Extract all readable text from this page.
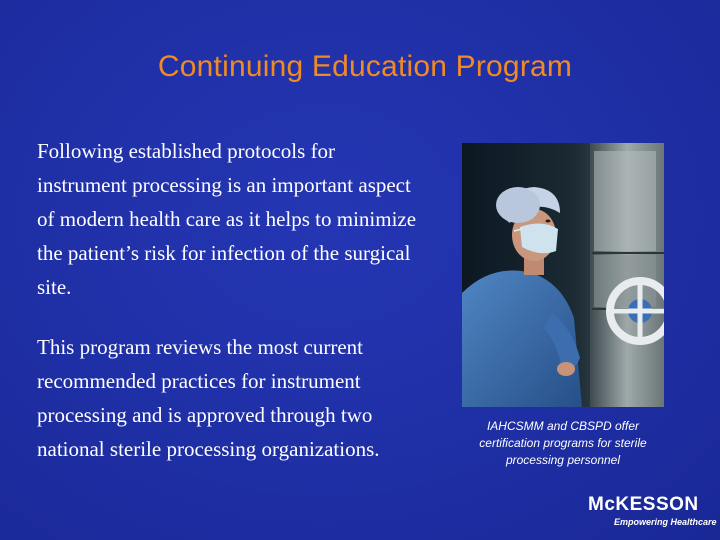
Continuing Education Program
Following established protocols for instrument processing is an important aspect of modern health care as it helps to minimize the patient’s risk for infection of the surgical site.
This program reviews the most current recommended practices for instrument processing and is approved through two national sterile processing organizations.
IAHCSMM and CBSPD offer certification programs for sterile processing personnel
McKESSON
Empowering Healthcare
